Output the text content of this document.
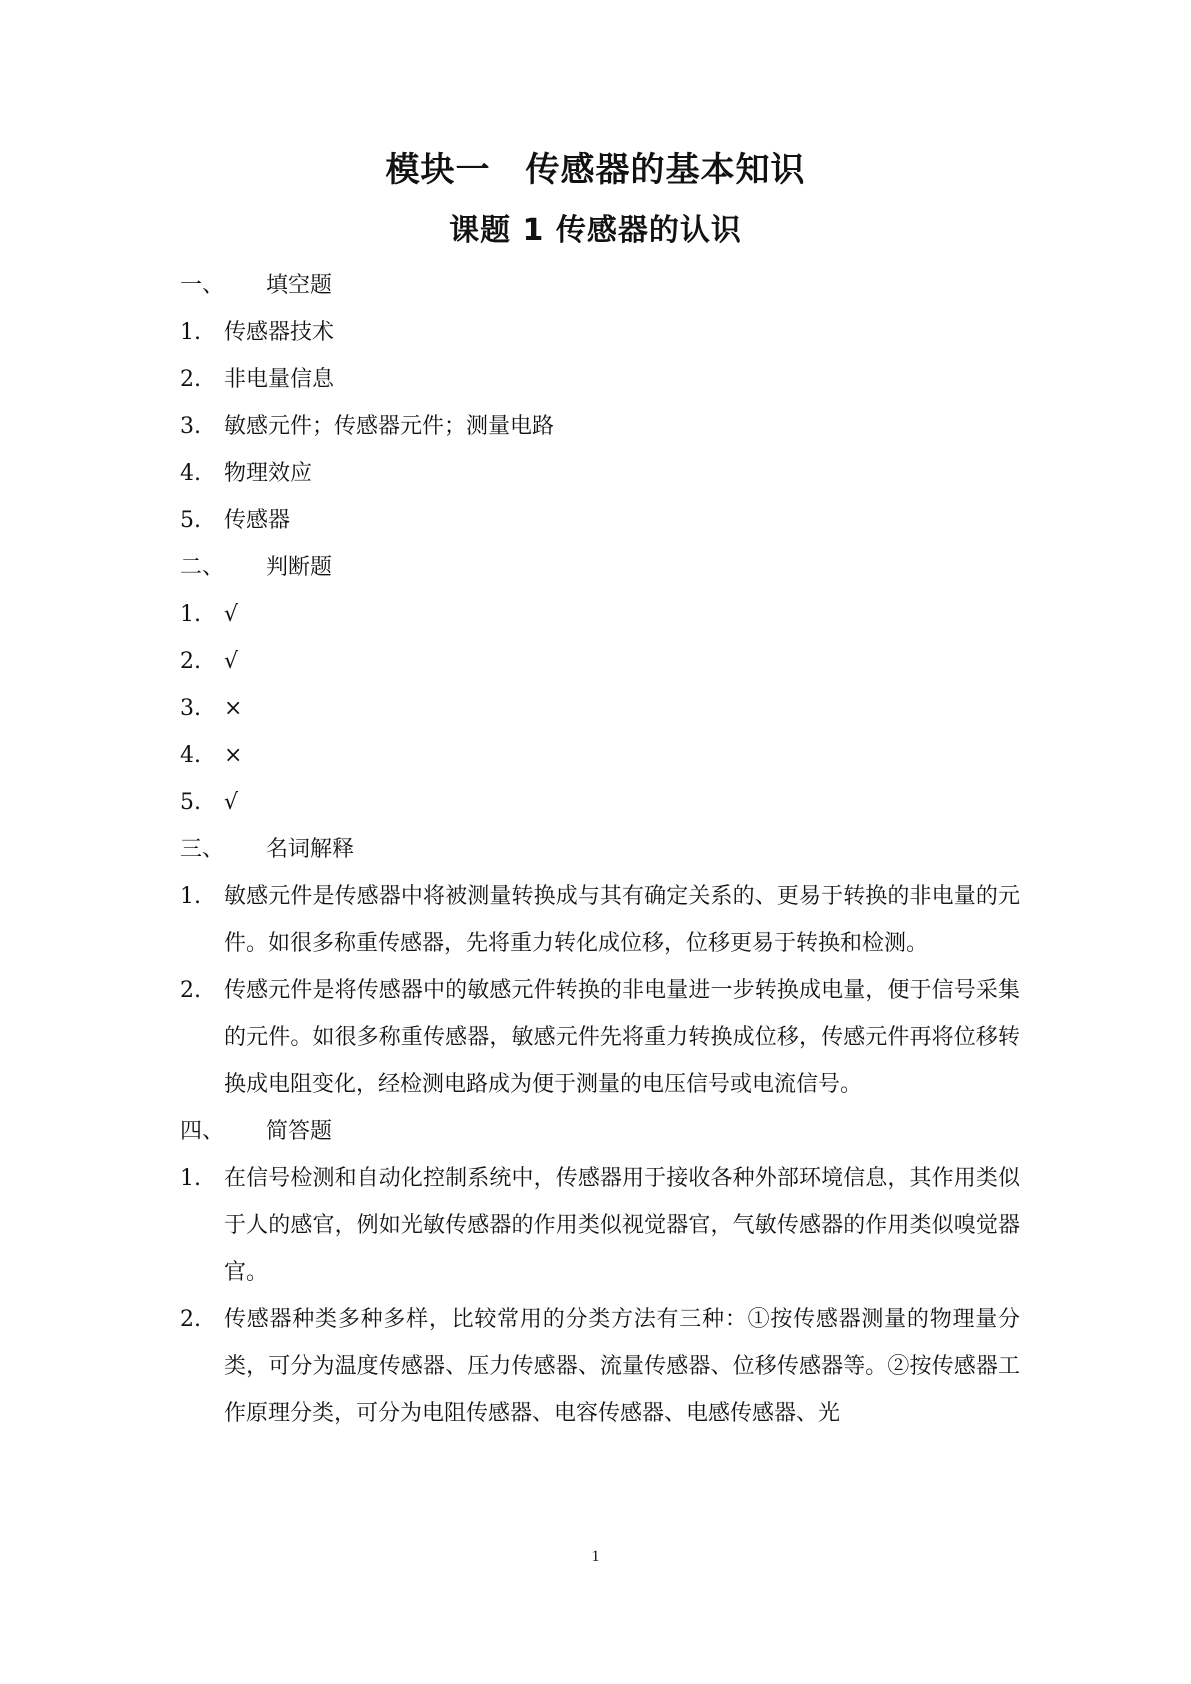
模块一　传感器的基本知识
课题 1 传感器的认识
一、	填空题
1.	传感器技术
2.	非电量信息
3.	敏感元件；传感器元件；测量电路
4.	物理效应
5.	传感器
二、	判断题
1.	√
2.	√
3.	×
4.	×
5.	√
三、	名词解释
1.	敏感元件是传感器中将被测量转换成与其有确定关系的、更易于转换的非电量的元件。如很多称重传感器，先将重力转化成位移，位移更易于转换和检测。
2.	传感元件是将传感器中的敏感元件转换的非电量进一步转换成电量，便于信号采集的元件。如很多称重传感器，敏感元件先将重力转换成位移，传感元件再将位移转换成电阻变化，经检测电路成为便于测量的电压信号或电流信号。
四、	简答题
1.	在信号检测和自动化控制系统中，传感器用于接收各种外部环境信息，其作用类似于人的感官，例如光敏传感器的作用类似视觉器官，气敏传感器的作用类似嗅觉器官。
2.	传感器种类多种多样，比较常用的分类方法有三种：①按传感器测量的物理量分类，可分为温度传感器、压力传感器、流量传感器、位移传感器等。②按传感器工作原理分类，可分为电阻传感器、电容传感器、电感传感器、光
1
